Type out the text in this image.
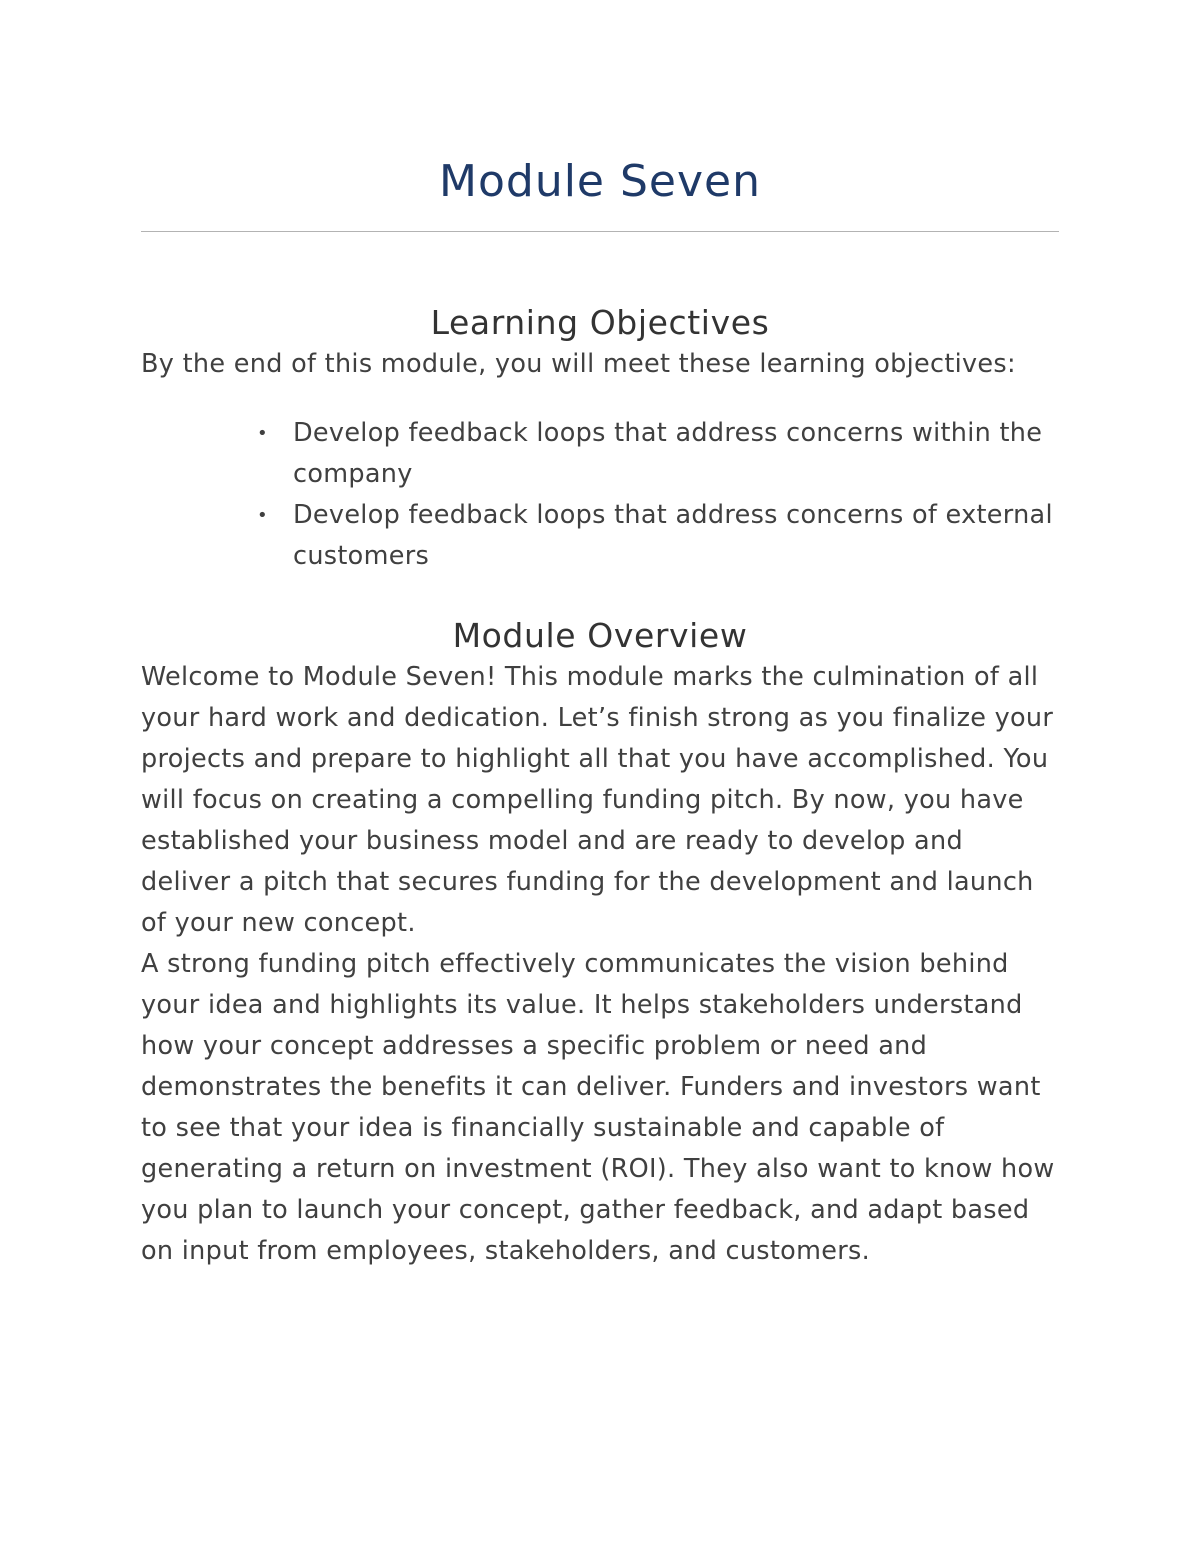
Module Seven
Learning Objectives

By the end of this module, you will meet these learning objectives:

• Develop feedback loops that address concerns within the company
• Develop feedback loops that address concerns of external customers
Module Overview

Welcome to Module Seven! This module marks the culmination of all your hard work and dedication. Let’s finish strong as you finalize your projects and prepare to highlight all that you have accomplished. You will focus on creating a compelling funding pitch. By now, you have established your business model and are ready to develop and deliver a pitch that secures funding for the development and launch of your new concept.

A strong funding pitch effectively communicates the vision behind your idea and highlights its value. It helps stakeholders understand how your concept addresses a specific problem or need and demonstrates the benefits it can deliver. Funders and investors want to see that your idea is financially sustainable and capable of generating a return on investment (ROI). They also want to know how you plan to launch your concept, gather feedback, and adapt based on input from employees, stakeholders, and customers.
